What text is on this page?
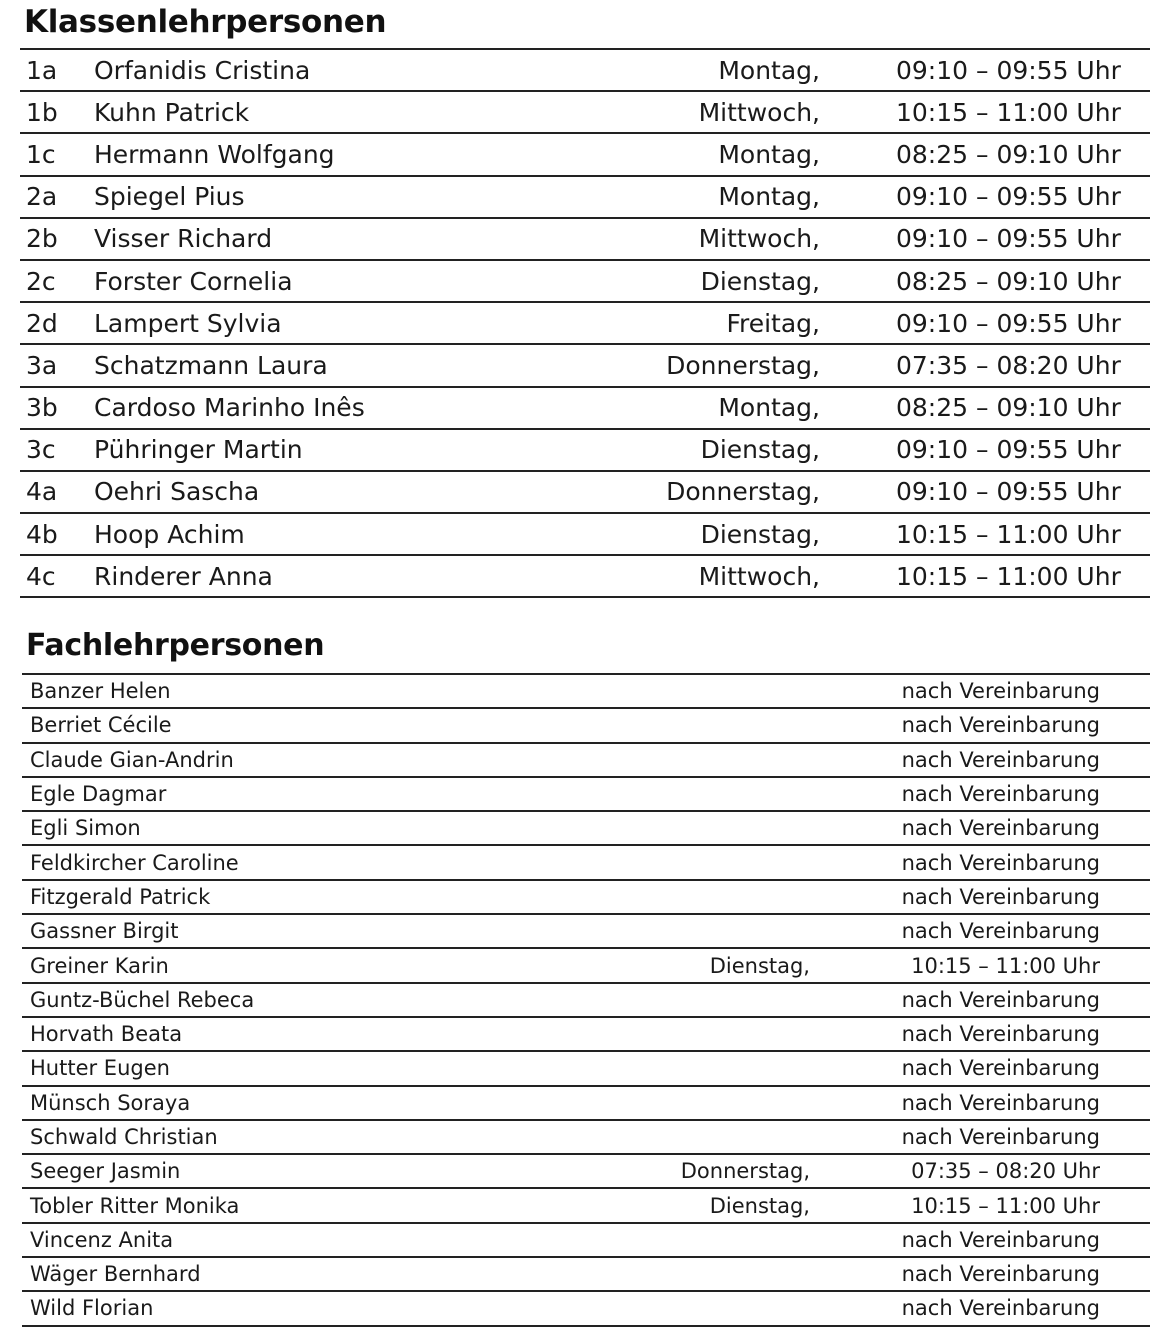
Klassenlehrpersonen
1a Orfanidis Cristina	Montag,	09:10 – 09:55 Uhr
1b Kuhn Patrick	Mittwoch,	10:15 – 11:00 Uhr
1c Hermann Wolfgang	Montag,	08:25 – 09:10 Uhr
2a Spiegel Pius	Montag,	09:10 – 09:55 Uhr
2b Visser Richard	Mittwoch,	09:10 – 09:55 Uhr
2c Forster Cornelia	Dienstag,	08:25 – 09:10 Uhr
2d Lampert Sylvia	Freitag,	09:10 – 09:55 Uhr
3a Schatzmann Laura	Donnerstag,	07:35 – 08:20 Uhr
3b Cardoso Marinho Inês	Montag,	08:25 – 09:10 Uhr
3c Pühringer Martin	Dienstag,	09:10 – 09:55 Uhr
4a Oehri Sascha	Donnerstag,	09:10 – 09:55 Uhr
4b Hoop Achim	Dienstag,	10:15 – 11:00 Uhr
4c Rinderer Anna	Mittwoch,	10:15 – 11:00 Uhr
Fachlehrpersonen
Banzer Helen	nach Vereinbarung
Berriet Cécile	nach Vereinbarung
Claude Gian-Andrin	nach Vereinbarung
Egle Dagmar	nach Vereinbarung
Egli Simon	nach Vereinbarung
Feldkircher Caroline	nach Vereinbarung
Fitzgerald Patrick	nach Vereinbarung
Gassner Birgit	nach Vereinbarung
Greiner Karin	Dienstag,	10:15 – 11:00 Uhr
Guntz-Büchel Rebeca	nach Vereinbarung
Horvath Beata	nach Vereinbarung
Hutter Eugen	nach Vereinbarung
Münsch Soraya	nach Vereinbarung
Schwald Christian	nach Vereinbarung
Seeger Jasmin	Donnerstag,	07:35 – 08:20 Uhr
Tobler Ritter Monika	Dienstag,	10:15 – 11:00 Uhr
Vincenz Anita	nach Vereinbarung
Wäger Bernhard	nach Vereinbarung
Wild Florian	nach Vereinbarung
